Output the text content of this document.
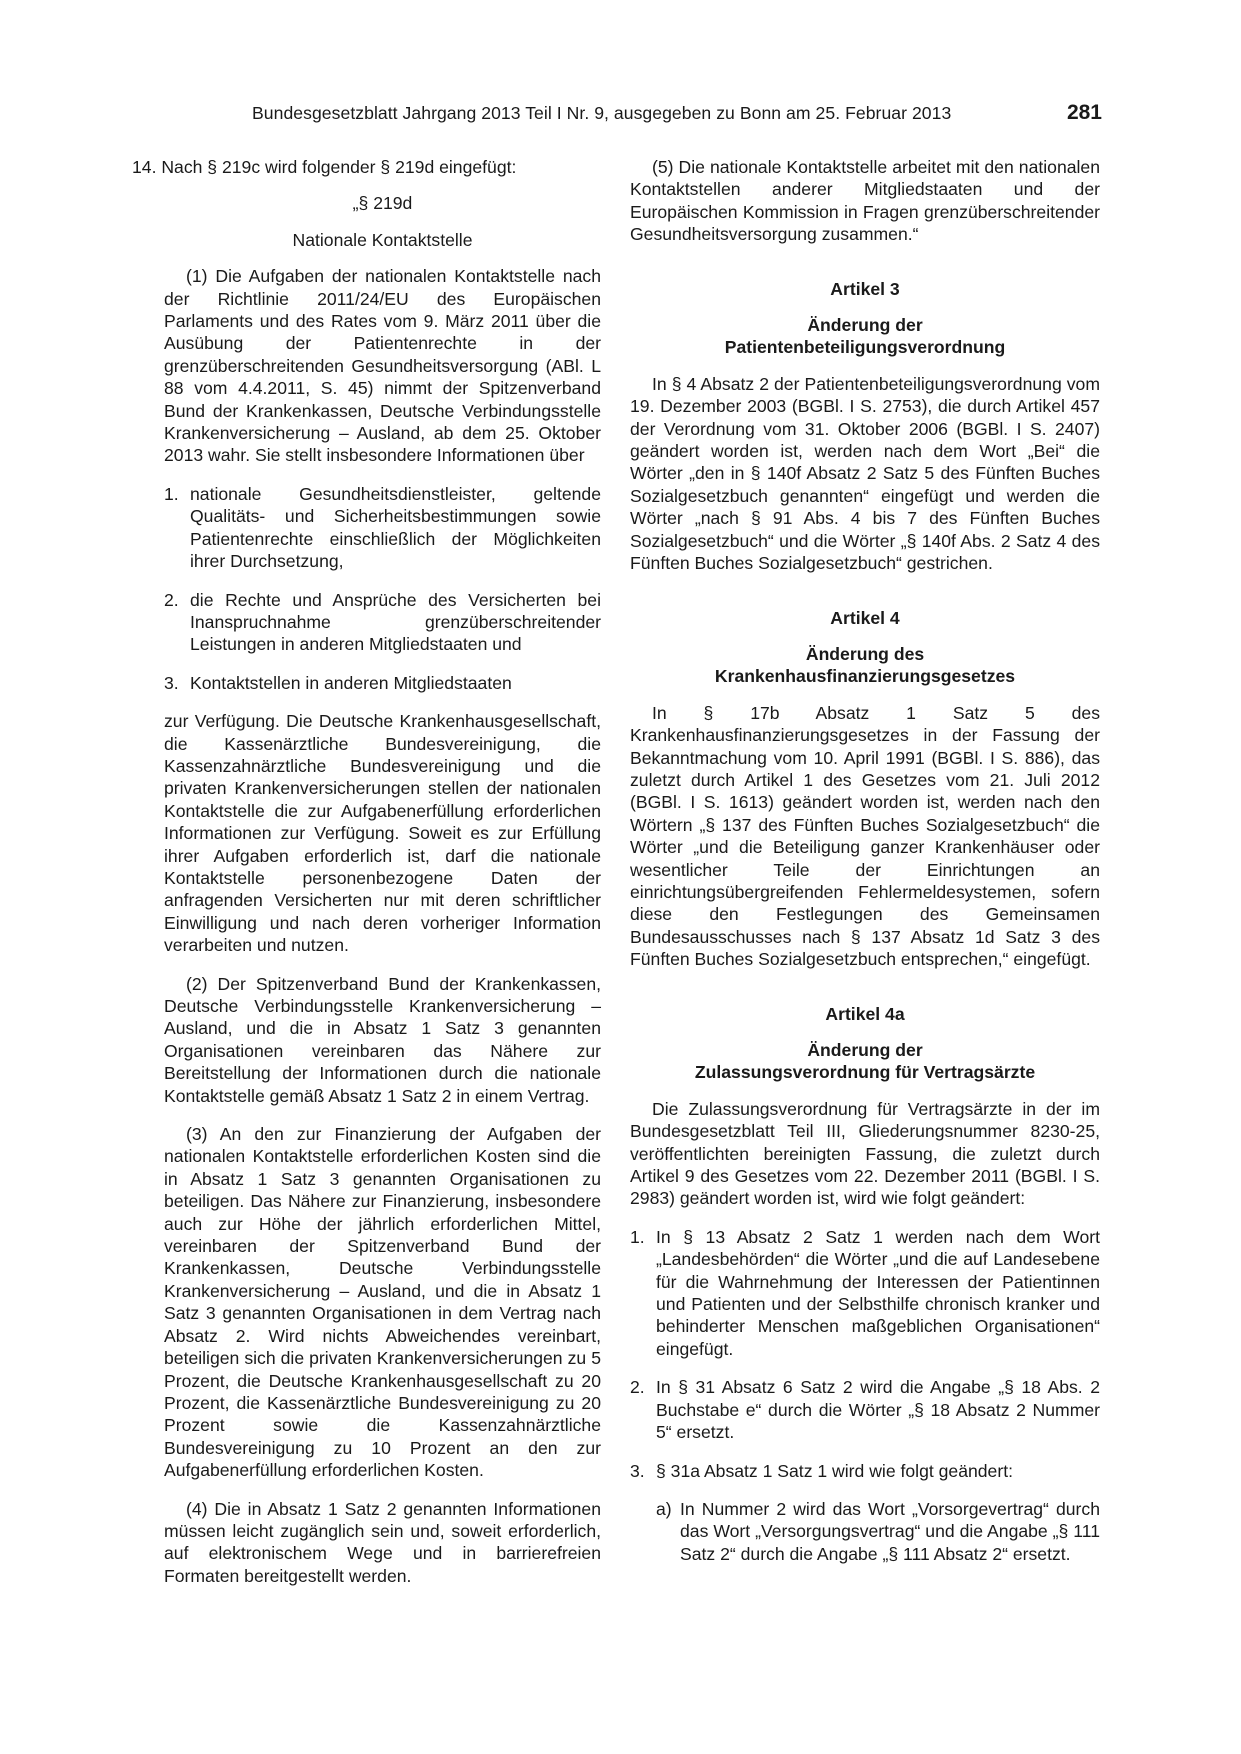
Bundesgesetzblatt Jahrgang 2013 Teil I Nr. 9, ausgegeben zu Bonn am 25. Februar 2013	281

14. Nach § 219c wird folgender § 219d eingefügt:

„§ 219d

Nationale Kontaktstelle

(1) Die Aufgaben der nationalen Kontaktstelle nach der Richtlinie 2011/24/EU des Europäischen Parlaments und des Rates vom 9. März 2011 über die Ausübung der Patientenrechte in der grenzüberschreitenden Gesundheitsversorgung (ABl. L 88 vom 4.4.2011, S. 45) nimmt der Spitzenverband Bund der Krankenkassen, Deutsche Verbindungsstelle Krankenversicherung – Ausland, ab dem 25. Oktober 2013 wahr. Sie stellt insbesondere Informationen über

1. nationale Gesundheitsdienstleister, geltende Qualitäts- und Sicherheitsbestimmungen sowie Patientenrechte einschließlich der Möglichkeiten ihrer Durchsetzung,
2. die Rechte und Ansprüche des Versicherten bei Inanspruchnahme grenzüberschreitender Leistungen in anderen Mitgliedstaaten und
3. Kontaktstellen in anderen Mitgliedstaaten

zur Verfügung. Die Deutsche Krankenhausgesellschaft, die Kassenärztliche Bundesvereinigung, die Kassenzahnärztliche Bundesvereinigung und die privaten Krankenversicherungen stellen der nationalen Kontaktstelle die zur Aufgabenerfüllung erforderlichen Informationen zur Verfügung. Soweit es zur Erfüllung ihrer Aufgaben erforderlich ist, darf die nationale Kontaktstelle personenbezogene Daten der anfragenden Versicherten nur mit deren schriftlicher Einwilligung und nach deren vorheriger Information verarbeiten und nutzen.

(2) Der Spitzenverband Bund der Krankenkassen, Deutsche Verbindungsstelle Krankenversicherung – Ausland, und die in Absatz 1 Satz 3 genannten Organisationen vereinbaren das Nähere zur Bereitstellung der Informationen durch die nationale Kontaktstelle gemäß Absatz 1 Satz 2 in einem Vertrag.

(3) An den zur Finanzierung der Aufgaben der nationalen Kontaktstelle erforderlichen Kosten sind die in Absatz 1 Satz 3 genannten Organisationen zu beteiligen. Das Nähere zur Finanzierung, insbesondere auch zur Höhe der jährlich erforderlichen Mittel, vereinbaren der Spitzenverband Bund der Krankenkassen, Deutsche Verbindungsstelle Krankenversicherung – Ausland, und die in Absatz 1 Satz 3 genannten Organisationen in dem Vertrag nach Absatz 2. Wird nichts Abweichendes vereinbart, beteiligen sich die privaten Krankenversicherungen zu 5 Prozent, die Deutsche Krankenhausgesellschaft zu 20 Prozent, die Kassenärztliche Bundesvereinigung zu 20 Prozent sowie die Kassenzahnärztliche Bundesvereinigung zu 10 Prozent an den zur Aufgabenerfüllung erforderlichen Kosten.

(4) Die in Absatz 1 Satz 2 genannten Informationen müssen leicht zugänglich sein und, soweit erforderlich, auf elektronischem Wege und in barrierefreien Formaten bereitgestellt werden.

(5) Die nationale Kontaktstelle arbeitet mit den nationalen Kontaktstellen anderer Mitgliedstaaten und der Europäischen Kommission in Fragen grenzüberschreitender Gesundheitsversorgung zusammen.“

Artikel 3

Änderung der

Patientenbeteiligungsverordnung

In § 4 Absatz 2 der Patientenbeteiligungsverordnung vom 19. Dezember 2003 (BGBl. I S. 2753), die durch Artikel 457 der Verordnung vom 31. Oktober 2006 (BGBl. I S. 2407) geändert worden ist, werden nach dem Wort „Bei“ die Wörter „den in § 140f Absatz 2 Satz 5 des Fünften Buches Sozialgesetzbuch genannten“ eingefügt und werden die Wörter „nach § 91 Abs. 4 bis 7 des Fünften Buches Sozialgesetzbuch“ und die Wörter „§ 140f Abs. 2 Satz 4 des Fünften Buches Sozialgesetzbuch“ gestrichen.

Artikel 4

Änderung des

Krankenhausfinanzierungsgesetzes

In § 17b Absatz 1 Satz 5 des Krankenhausfinanzierungsgesetzes in der Fassung der Bekanntmachung vom 10. April 1991 (BGBl. I S. 886), das zuletzt durch Artikel 1 des Gesetzes vom 21. Juli 2012 (BGBl. I S. 1613) geändert worden ist, werden nach den Wörtern „§ 137 des Fünften Buches Sozialgesetzbuch“ die Wörter „und die Beteiligung ganzer Krankenhäuser oder wesentlicher Teile der Einrichtungen an einrichtungsübergreifenden Fehlermeldesystemen, sofern diese den Festlegungen des Gemeinsamen Bundesausschusses nach § 137 Absatz 1d Satz 3 des Fünften Buches Sozialgesetzbuch entsprechen,“ eingefügt.

Artikel 4a

Änderung der

Zulassungsverordnung für Vertragsärzte

Die Zulassungsverordnung für Vertragsärzte in der im Bundesgesetzblatt Teil III, Gliederungsnummer 8230-25, veröffentlichten bereinigten Fassung, die zuletzt durch Artikel 9 des Gesetzes vom 22. Dezember 2011 (BGBl. I S. 2983) geändert worden ist, wird wie folgt geändert:

1. In § 13 Absatz 2 Satz 1 werden nach dem Wort „Landesbehörden“ die Wörter „und die auf Landesebene für die Wahrnehmung der Interessen der Patientinnen und Patienten und der Selbsthilfe chronisch kranker und behinderter Menschen maßgeblichen Organisationen“ eingefügt.
2. In § 31 Absatz 6 Satz 2 wird die Angabe „§ 18 Abs. 2 Buchstabe e“ durch die Wörter „§ 18 Absatz 2 Nummer 5“ ersetzt.
3. § 31a Absatz 1 Satz 1 wird wie folgt geändert:
a) In Nummer 2 wird das Wort „Vorsorgevertrag“ durch das Wort „Versorgungsvertrag“ und die Angabe „§ 111 Satz 2“ durch die Angabe „§ 111 Absatz 2“ ersetzt.
